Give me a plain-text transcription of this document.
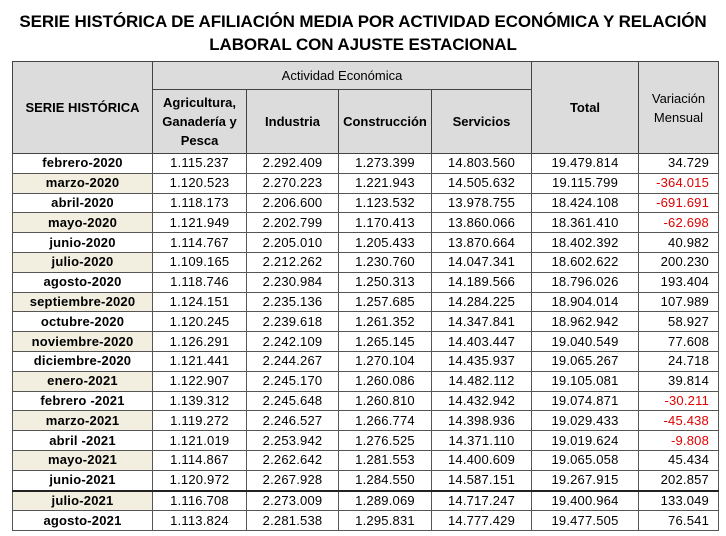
SERIE HISTÓRICA DE AFILIACIÓN MEDIA POR ACTIVIDAD ECONÓMICA Y RELACIÓN
LABORAL CON AJUSTE ESTACIONAL
SERIE HISTÓRICA	Actividad Económica				Total	Variación Mensual
	Agricultura, Ganadería y Pesca	Industria	Construcción	Servicios		
febrero-2020	1.115.237	2.292.409	1.273.399	14.803.560	19.479.814	34.729
marzo-2020	1.120.523	2.270.223	1.221.943	14.505.632	19.115.799	-364.015
abril-2020	1.118.173	2.206.600	1.123.532	13.978.755	18.424.108	-691.691
mayo-2020	1.121.949	2.202.799	1.170.413	13.860.066	18.361.410	-62.698
junio-2020	1.114.767	2.205.010	1.205.433	13.870.664	18.402.392	40.982
julio-2020	1.109.165	2.212.262	1.230.760	14.047.341	18.602.622	200.230
agosto-2020	1.118.746	2.230.984	1.250.313	14.189.566	18.796.026	193.404
septiembre-2020	1.124.151	2.235.136	1.257.685	14.284.225	18.904.014	107.989
octubre-2020	1.120.245	2.239.618	1.261.352	14.347.841	18.962.942	58.927
noviembre-2020	1.126.291	2.242.109	1.265.145	14.403.447	19.040.549	77.608
diciembre-2020	1.121.441	2.244.267	1.270.104	14.435.937	19.065.267	24.718
enero-2021	1.122.907	2.245.170	1.260.086	14.482.112	19.105.081	39.814
febrero -2021	1.139.312	2.245.648	1.260.810	14.432.942	19.074.871	-30.211
marzo-2021	1.119.272	2.246.527	1.266.774	14.398.936	19.029.433	-45.438
abril -2021	1.121.019	2.253.942	1.276.525	14.371.110	19.019.624	-9.808
mayo-2021	1.114.867	2.262.642	1.281.553	14.400.609	19.065.058	45.434
junio-2021	1.120.972	2.267.928	1.284.550	14.587.151	19.267.915	202.857
julio-2021	1.116.708	2.273.009	1.289.069	14.717.247	19.400.964	133.049
agosto-2021	1.113.824	2.281.538	1.295.831	14.777.429	19.477.505	76.541
